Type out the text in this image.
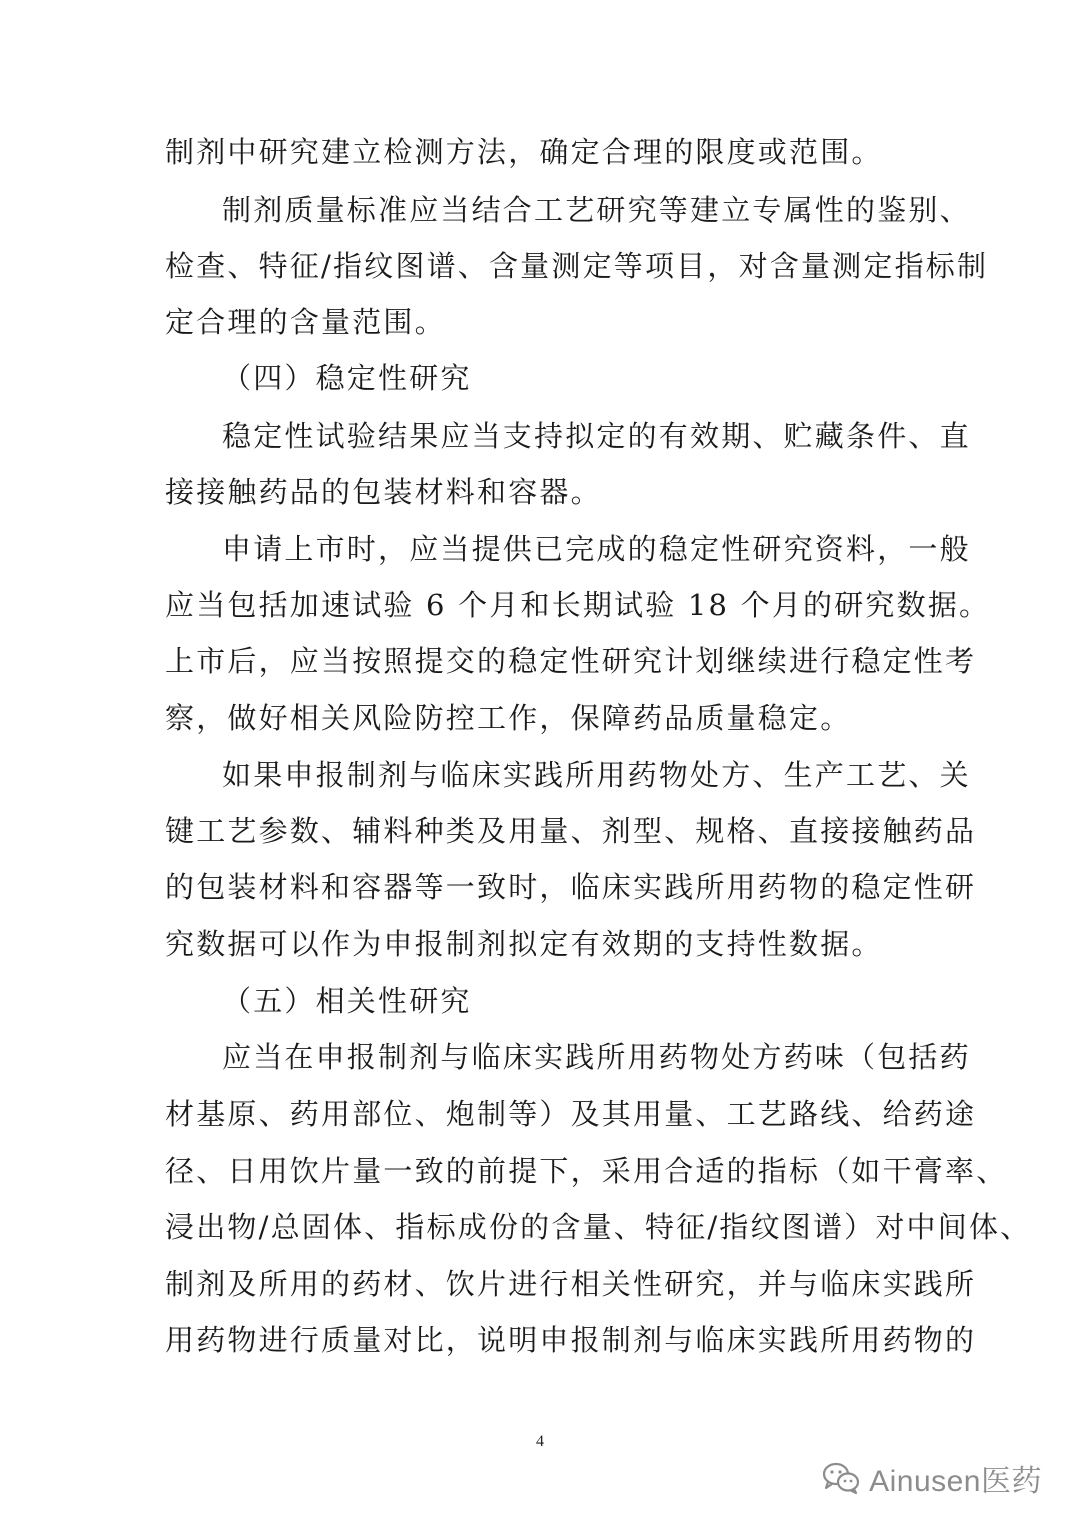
制剂中研究建立检测方法，确定合理的限度或范围。
制剂质量标准应当结合工艺研究等建立专属性的鉴别、
检查、特征/指纹图谱、含量测定等项目，对含量测定指标制
定合理的含量范围。
（四）稳定性研究
稳定性试验结果应当支持拟定的有效期、贮藏条件、直
接接触药品的包装材料和容器。
申请上市时，应当提供已完成的稳定性研究资料，一般
应当包括加速试验 6 个月和长期试验 18 个月的研究数据。
上市后，应当按照提交的稳定性研究计划继续进行稳定性考
察，做好相关风险防控工作，保障药品质量稳定。
如果申报制剂与临床实践所用药物处方、生产工艺、关
键工艺参数、辅料种类及用量、剂型、规格、直接接触药品
的包装材料和容器等一致时，临床实践所用药物的稳定性研
究数据可以作为申报制剂拟定有效期的支持性数据。
（五）相关性研究
应当在申报制剂与临床实践所用药物处方药味（包括药
材基原、药用部位、炮制等）及其用量、工艺路线、给药途
径、日用饮片量一致的前提下，采用合适的指标（如干膏率、
浸出物/总固体、指标成份的含量、特征/指纹图谱）对中间体、
制剂及所用的药材、饮片进行相关性研究，并与临床实践所
用药物进行质量对比，说明申报制剂与临床实践所用药物的
4
Ainusen医药
